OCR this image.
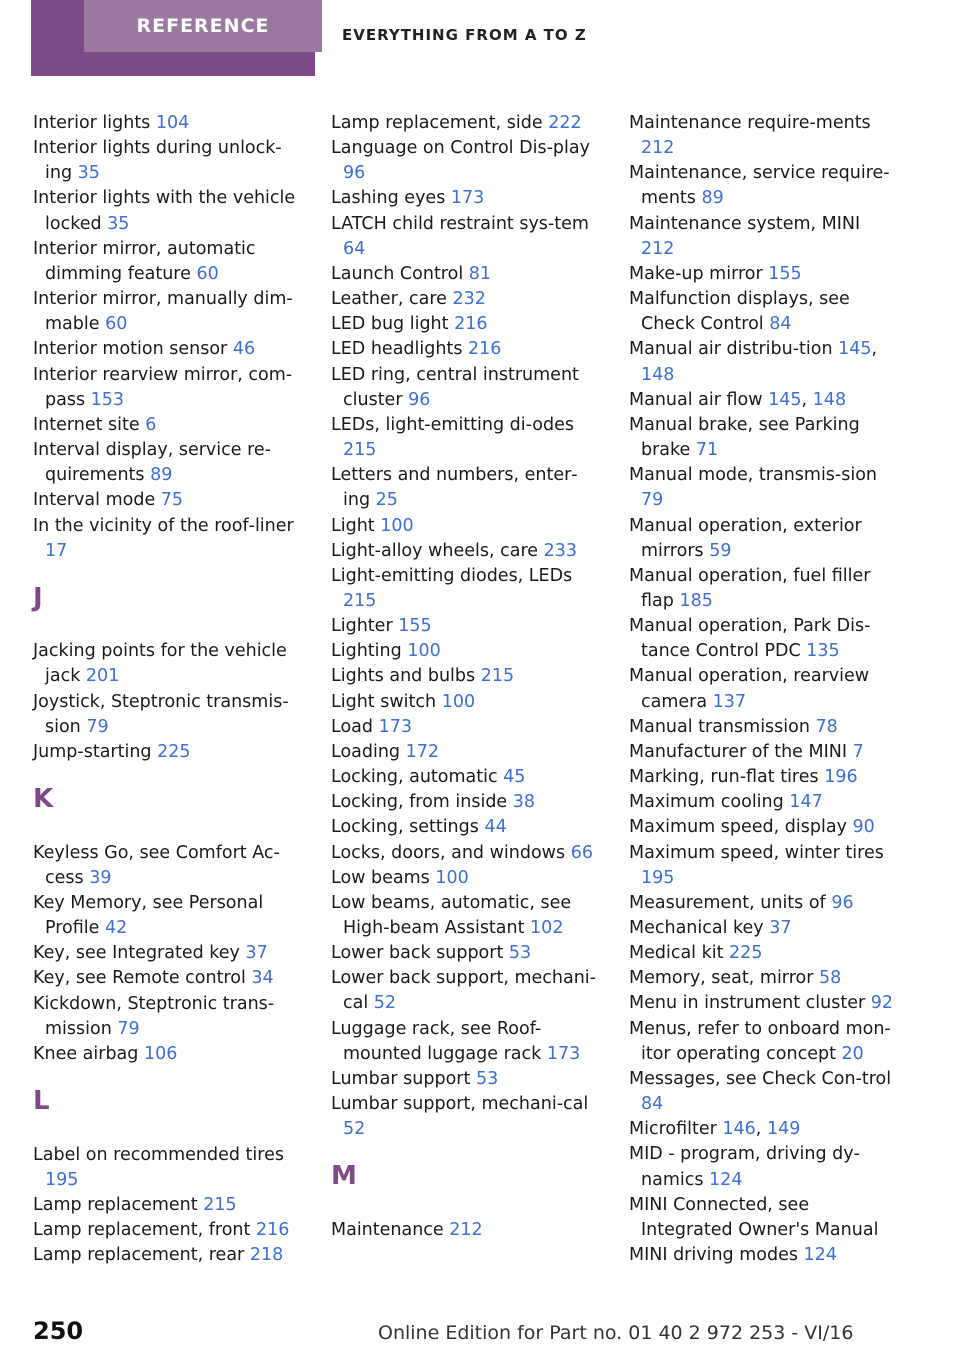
REFERENCE	EVERYTHING FROM A TO Z

Interior lights 104

Interior lights during unlock‐ing 35

Interior lights with the vehicle locked 35

Interior mirror, automatic dimming feature 60

Interior mirror, manually dim‐mable 60

Interior motion sensor 46

Interior rearview mirror, com‐pass 153

Internet site 6

Interval display, service re‐quirements 89

Interval mode 75

In the vicinity of the roof‐liner 17

J

Jacking points for the vehicle jack 201

Joystick, Steptronic transmis‐sion 79

Jump-starting 225

K

Keyless Go, see Comfort Ac‐cess 39

Key Memory, see Personal Profile 42

Key, see Integrated key 37

Key, see Remote control 34

Kickdown, Steptronic trans‐mission 79

Knee airbag 106

L

Label on recommended tires 195

Lamp replacement 215

Lamp replacement, front 216

Lamp replacement, rear 218

Lamp replacement, side 222

Language on Control Dis‐play 96

Lashing eyes 173

LATCH child restraint sys‐tem 64

Launch Control 81

Leather, care 232

LED bug light 216

LED headlights 216

LED ring, central instrument cluster 96

LEDs, light-emitting di‐odes 215

Letters and numbers, enter‐ing 25

Light 100

Light-alloy wheels, care 233

Light-emitting diodes, LEDs 215

Lighter 155

Lighting 100

Lights and bulbs 215

Light switch 100

Load 173

Loading 172

Locking, automatic 45

Locking, from inside 38

Locking, settings 44

Locks, doors, and windows 66

Low beams 100

Low beams, automatic, see High-beam Assistant 102

Lower back support 53

Lower back support, mechani‐cal 52

Luggage rack, see Roof-mounted luggage rack 173

Lumbar support 53

Lumbar support, mechani‐cal 52

M

Maintenance 212

Maintenance require‐ments 212

Maintenance, service require‐ments 89

Maintenance system, MINI 212

Make-up mirror 155

Malfunction displays, see Check Control 84

Manual air distribu‐tion 145, 148

Manual air flow 145, 148

Manual brake, see Parking brake 71

Manual mode, transmis‐sion 79

Manual operation, exterior mirrors 59

Manual operation, fuel filler flap 185

Manual operation, Park Dis‐tance Control PDC 135

Manual operation, rearview camera 137

Manual transmission 78

Manufacturer of the MINI 7

Marking, run-flat tires 196

Maximum cooling 147

Maximum speed, display 90

Maximum speed, winter tires 195

Measurement, units of 96

Mechanical key 37

Medical kit 225

Memory, seat, mirror 58

Menu in instrument cluster 92

Menus, refer to onboard mon‐itor operating concept 20

Messages, see Check Con‐trol 84

Microfilter 146, 149

MID - program, driving dy‐namics 124

MINI Connected, see Integrated Owner's Manual

MINI driving modes 124

250	Online Edition for Part no. 01 40 2 972 253 - VI/16
